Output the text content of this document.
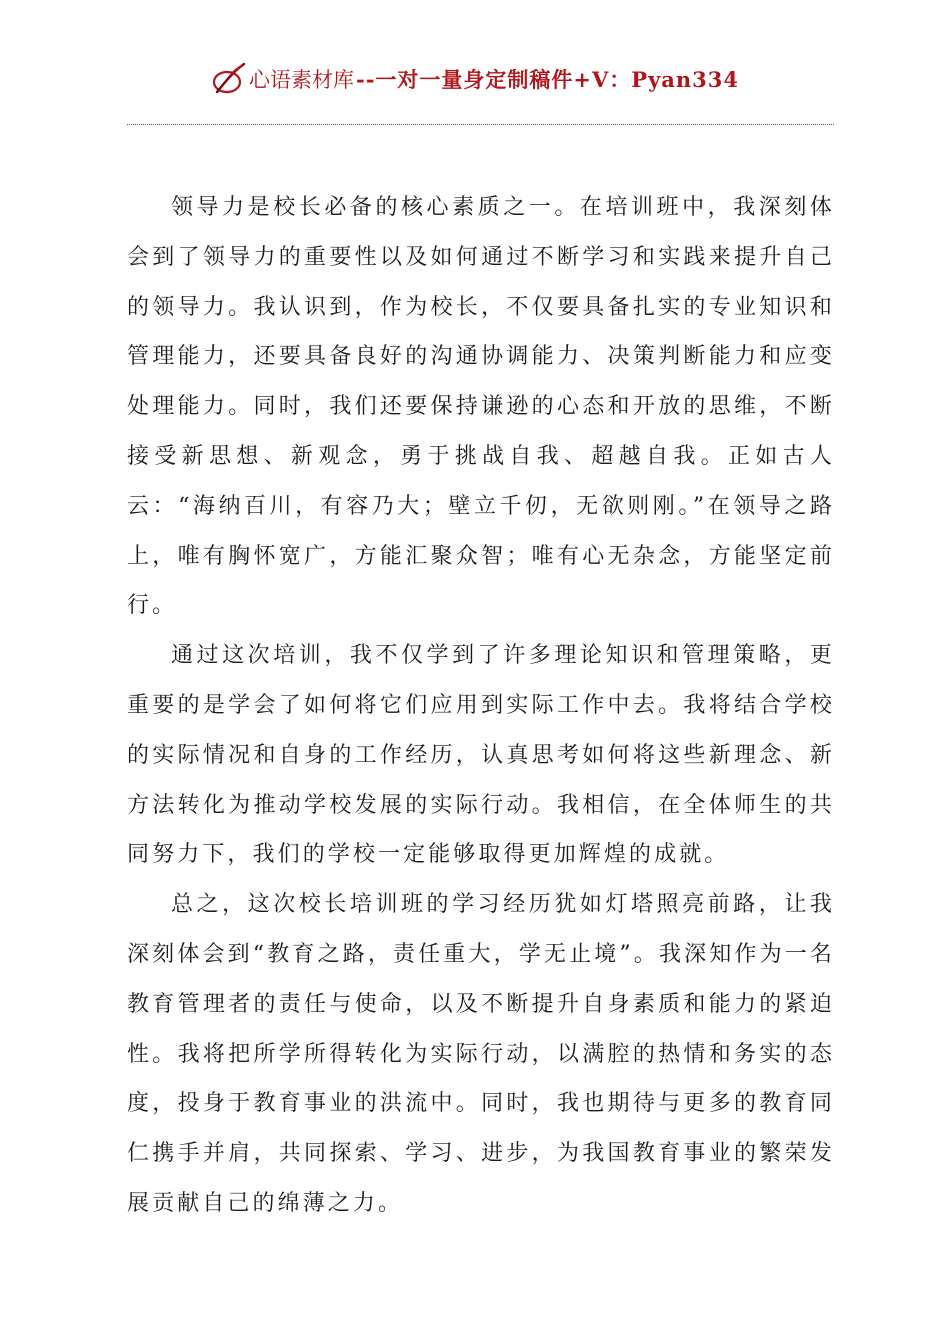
心语素材库 --一对一量身定制稿件+V：Pyan334

领导力是校长必备的核心素质之一。在培训班中，我深刻体会到了领导力的重要性以及如何通过不断学习和实践来提升自己的领导力。我认识到，作为校长，不仅要具备扎实的专业知识和管理能力，还要具备良好的沟通协调能力、决策判断能力和应变处理能力。同时，我们还要保持谦逊的心态和开放的思维，不断接受新思想、新观念，勇于挑战自我、超越自我。正如古人云：“海纳百川，有容乃大；壁立千仞，无欲则刚。”在领导之路上，唯有胸怀宽广，方能汇聚众智；唯有心无杂念，方能坚定前行。

通过这次培训，我不仅学到了许多理论知识和管理策略，更重要的是学会了如何将它们应用到实际工作中去。我将结合学校的实际情况和自身的工作经历，认真思考如何将这些新理念、新方法转化为推动学校发展的实际行动。我相信，在全体师生的共同努力下，我们的学校一定能够取得更加辉煌的成就。

总之，这次校长培训班的学习经历犹如灯塔照亮前路，让我深刻体会到“教育之路，责任重大，学无止境”。我深知作为一名教育管理者的责任与使命，以及不断提升自身素质和能力的紧迫性。我将把所学所得转化为实际行动，以满腔的热情和务实的态度，投身于教育事业的洪流中。同时，我也期待与更多的教育同仁携手并肩，共同探索、学习、进步，为我国教育事业的繁荣发展贡献自己的绵薄之力。
